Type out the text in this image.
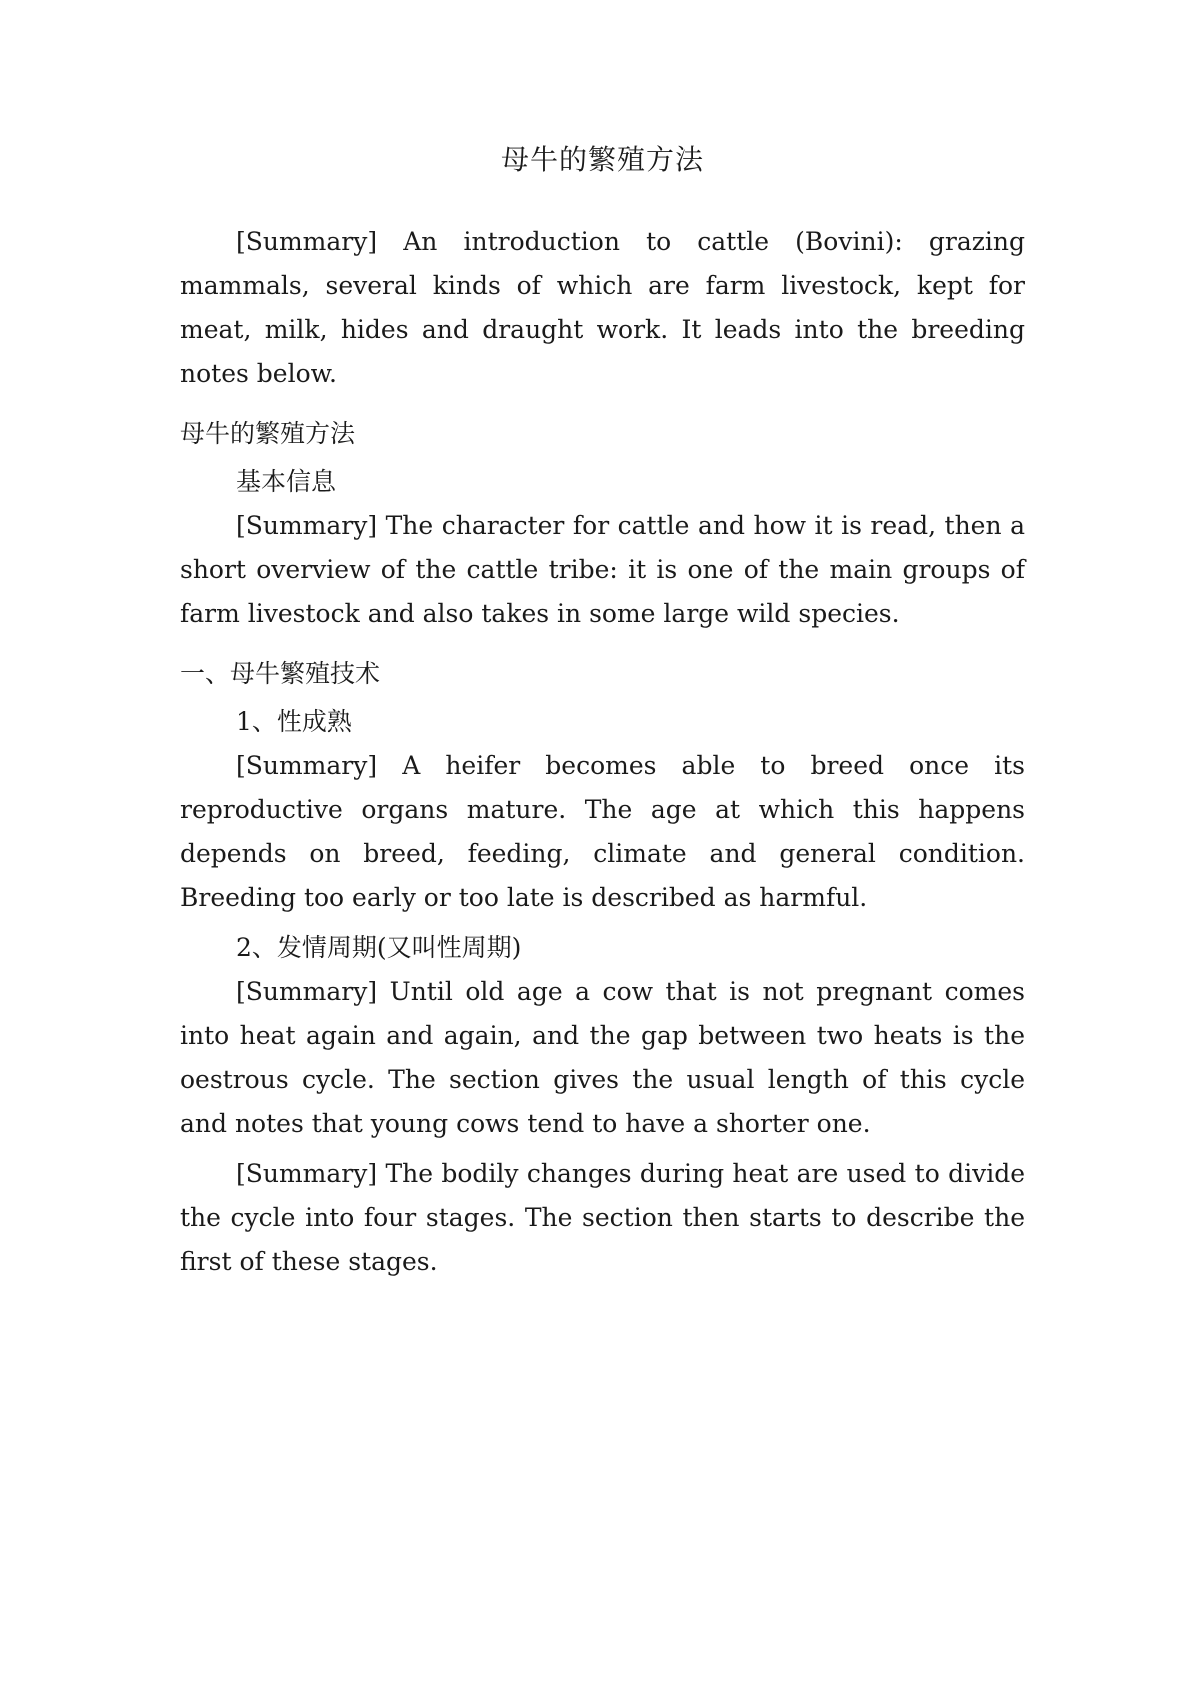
母牛的繁殖方法

[Summary] An introduction to cattle (Bovini): grazing mammals, several kinds of which are farm livestock, kept for meat, milk, hides and draught work. It leads into the breeding notes below.

母牛的繁殖方法
基本信息

[Summary] The character for cattle and how it is read, then a short overview of the cattle tribe: it is one of the main groups of farm livestock and also takes in some large wild species.

一、母牛繁殖技术
1、性成熟

[Summary] A heifer becomes able to breed once its reproductive organs mature. The age at which this happens depends on breed, feeding, climate and general condition. Breeding too early or too late is described as harmful.

2、发情周期(又叫性周期)

[Summary] Until old age a cow that is not pregnant comes into heat again and again, and the gap between two heats is the oestrous cycle. The section gives the usual length of this cycle and notes that young cows tend to have a shorter one.

[Summary] The bodily changes during heat are used to divide the cycle into four stages. The section then starts to describe the first of these stages.
